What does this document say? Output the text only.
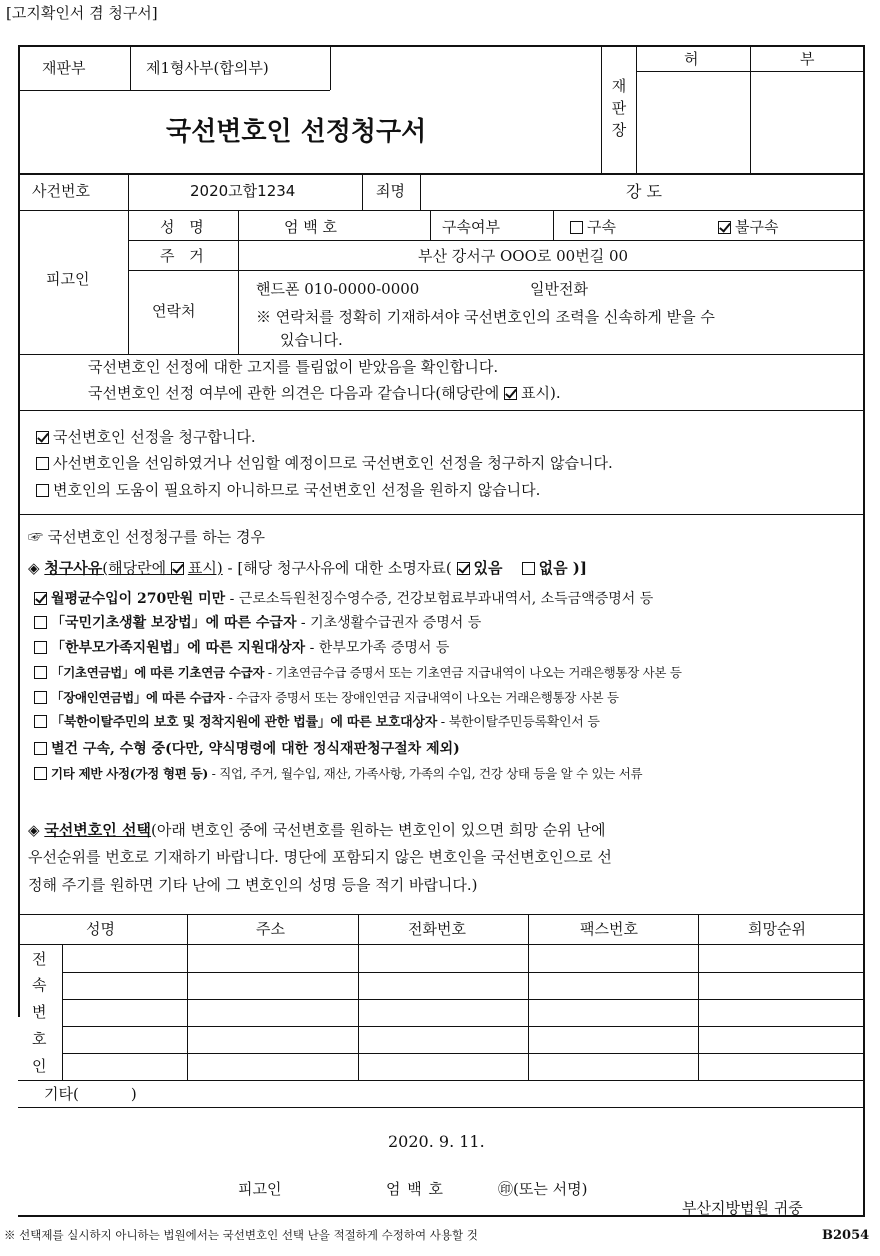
[고지확인서 겸 청구서]
재판부	제1형사부(합의부)
재
판
장
허	부
국선변호인 선정청구서
사건번호	2020고합1234	죄명	강 도
피고인
성 명	엄 백 호	구속여부	구속	불구속
주 거	부산 강서구 OOO로 00번길 00
연락처
핸드폰 010-0000-0000	일반전화
※ 연락처를 정확히 기재하셔야 국선변호인의 조력을 신속하게 받을 수
있습니다.
국선변호인 선정에 대한 고지를 틀림없이 받았음을 확인합니다.
국선변호인 선정 여부에 관한 의견은 다음과 같습니다(해당란에 표시).
국선변호인 선정을 청구합니다.
사선변호인을 선임하였거나 선임할 예정이므로 국선변호인 선정을 청구하지 않습니다.
변호인의 도움이 필요하지 아니하므로 국선변호인 선정을 원하지 않습니다.
☞ 국선변호인 선정청구를 하는 경우
◈ 청구사유(해당란에 표시) - [해당 청구사유에 대한 소명자료( 있음 없음 )]
월평균수입이 270만원 미만 - 근로소득원천징수영수증, 건강보험료부과내역서, 소득금액증명서 등
「국민기초생활 보장법」에 따른 수급자 - 기초생활수급권자 증명서 등
「한부모가족지원법」에 따른 지원대상자 - 한부모가족 증명서 등
「기초연금법」에 따른 기초연금 수급자 - 기초연금수급 증명서 또는 기초연금 지급내역이 나오는 거래은행통장 사본 등
「장애인연금법」에 따른 수급자 - 수급자 증명서 또는 장애인연금 지급내역이 나오는 거래은행통장 사본 등
「북한이탈주민의 보호 및 정착지원에 관한 법률」에 따른 보호대상자 - 북한이탈주민등록확인서 등
별건 구속, 수형 중(다만, 약식명령에 대한 정식재판청구절차 제외)
기타 제반 사정(가정 형편 등) - 직업, 주거, 월수입, 재산, 가족사항, 가족의 수입, 건강 상태 등을 알 수 있는 서류
◈ 국선변호인 선택(아래 변호인 중에 국선변호를 원하는 변호인이 있으면 희망 순위 난에
우선순위를 번호로 기재하기 바랍니다. 명단에 포함되지 않은 변호인을 국선변호인으로 선
정해 주기를 원하면 기타 난에 그 변호인의 성명 등을 적기 바랍니다.)
성명	주소	전화번호	팩스번호	희망순위
전
속
변
호
인
기타(	)
2020. 9. 11.
피고인	엄 백 호	㊞(또는 서명)
부산지방법원 귀중
※ 선택제를 실시하지 아니하는 법원에서는 국선변호인 선택 난을 적절하게 수정하여 사용할 것	B2054
